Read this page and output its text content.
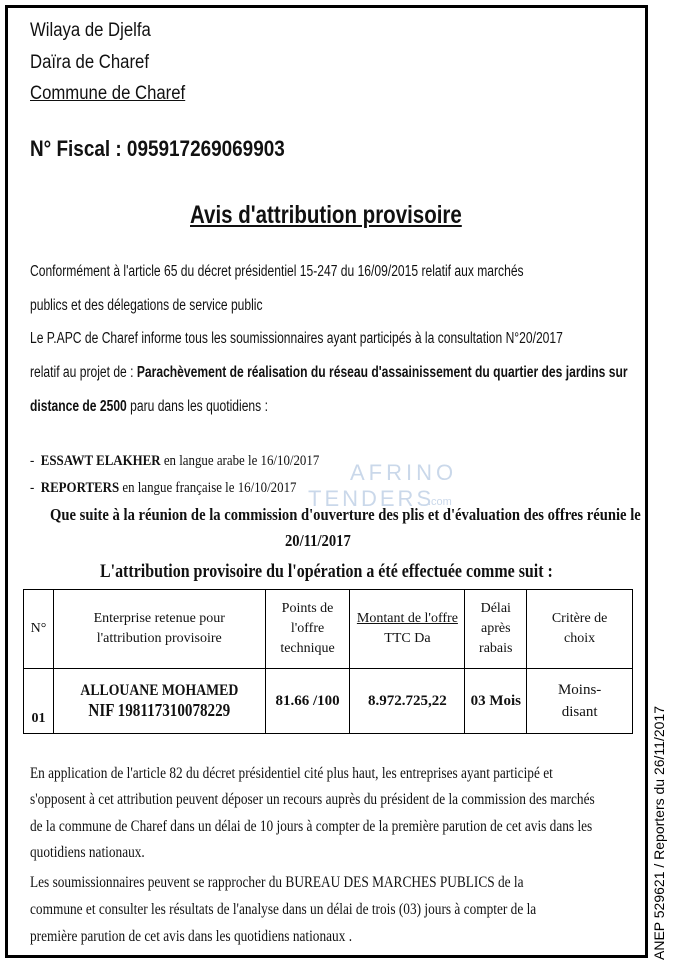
Wilaya de Djelfa
Daïra de Charef
Commune de Charef
N° Fiscal : 095917269069903
Avis d'attribution provisoire
Conformément à l'article 65 du décret présidentiel 15-247 du 16/09/2015 relatif aux marchés
publics et des délegations de service public
Le P.APC de Charef informe tous les soumissionnaires ayant participés à la consultation N°20/2017
relatif au projet de : Parachèvement de réalisation du réseau d'assainissement du quartier des jardins sur
distance de 2500 paru dans les quotidiens :
-  ESSAWT ELAKHER en langue arabe le 16/10/2017
-  REPORTERS en langue française le 16/10/2017
AFRINO
TENDERS
.com
Que suite à la réunion de la commission d'ouverture des plis et d'évaluation des offres réunie le
20/11/2017
L'attribution provisoire du l'opération a été effectuée comme suit :
N°	Enterprise retenue pour
l'attribution provisoire	Points de
l'offre
technique	Montant de l'offre
TTC Da	Délai
après
rabais	Critère de
choix
01	ALLOUANE MOHAMED
NIF 198117310078229	81.66 /100	8.972.725,22	03 Mois	Moins-
disant
En application de l'article 82 du décret présidentiel cité plus haut, les entreprises ayant participé et
s'opposent à cet attribution peuvent déposer un recours auprès du président de la commission des marchés
de la commune de Charef dans un délai de 10 jours à compter de la première parution de cet avis dans les
quotidiens nationaux.
Les soumissionnaires peuvent se rapprocher du BUREAU DES MARCHES PUBLICS de la
commune et consulter les résultats de l'analyse dans un délai de trois (03) jours à compter de la
première parution de cet avis dans les quotidiens nationaux .	ANEP 529621 / Reporters du 26/11/2017
